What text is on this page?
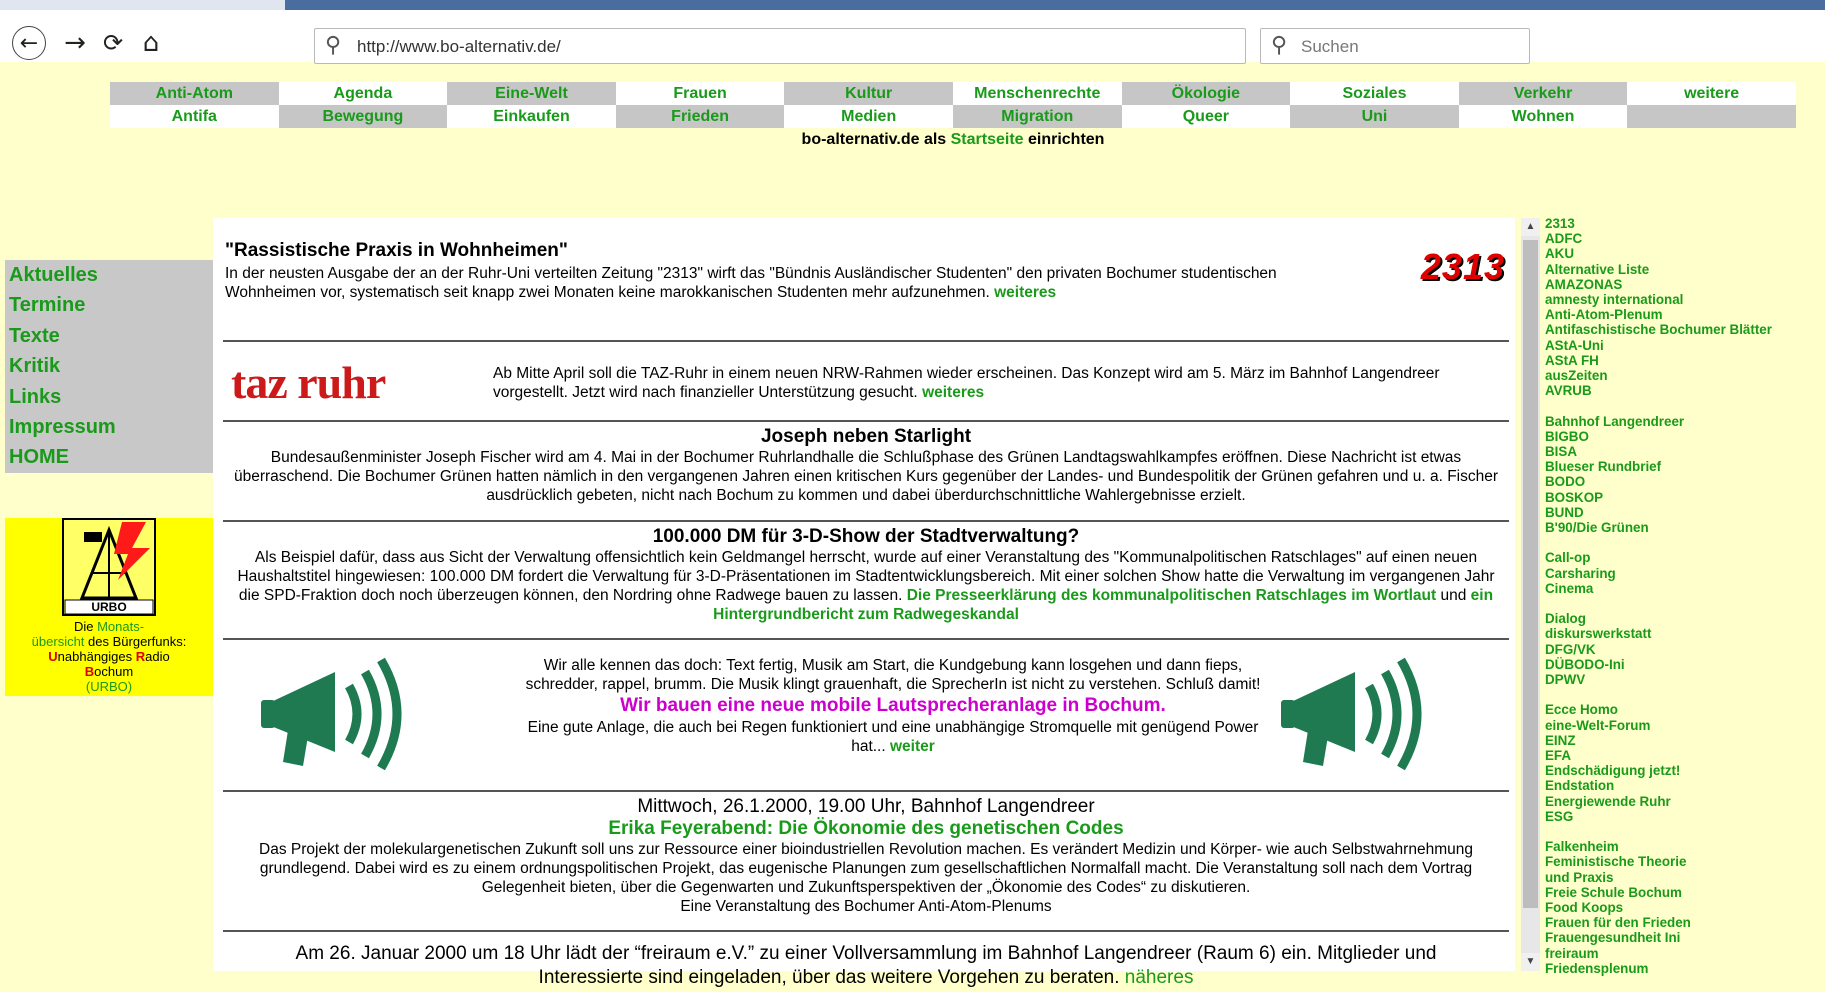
← → ⟳ ⌂	⚲ http://www.bo-alternativ.de/	⚲ Suchen
Anti-Atom	Agenda	Eine-Welt	Frauen	Kultur	Menschenrechte	Ökologie	Soziales	Verkehr	weitere
Antifa	Bewegung	Einkaufen	Frieden	Medien	Migration	Queer	Uni	Wohnen
bo-alternativ.de als Startseite einrichten
Aktuelles
Termine
Texte
Kritik
Links
Impressum
HOME
URBO
Die Monats-
übersicht des Bürgerfunks:
Unabhängiges Radio
Bochum
(URBO)
"Rassistische Praxis in Wohnheimen"

In der neusten Ausgabe der an der Ruhr-Uni verteilten Zeitung "2313" wirft das "Bündnis Ausländischer Studenten" den privaten Bochumer studentischen Wohnheimen vor, systematisch seit knapp zwei Monaten keine marokkanischen Studenten mehr aufzunehmen. weiteres

2313
taz ruhr	Ab Mitte April soll die TAZ-Ruhr in einem neuen NRW-Rahmen wieder erscheinen. Das Konzept wird am 5. März im Bahnhof Langendreer vorgestellt. Jetzt wird nach finanzieller Unterstützung gesucht. weiteres

Joseph neben Starlight

Bundesaußenminister Joseph Fischer wird am 4. Mai in der Bochumer Ruhrlandhalle die Schlußphase des Grünen Landtagswahlkampfes eröffnen. Diese Nachricht ist etwas überraschend. Die Bochumer Grünen hatten nämlich in den vergangenen Jahren einen kritischen Kurs gegenüber der Landes- und Bundespolitik der Grünen gefahren und u. a. Fischer ausdrücklich gebeten, nicht nach Bochum zu kommen und dabei überdurchschnittliche Wahlergebnisse erzielt.

100.000 DM für 3-D-Show der Stadtverwaltung?

Als Beispiel dafür, dass aus Sicht der Verwaltung offensichtlich kein Geldmangel herrscht, wurde auf einer Veranstaltung des "Kommunalpolitischen Ratschlages" auf einen neuen Haushaltstitel hingewiesen: 100.000 DM fordert die Verwaltung für 3-D-Präsentationen im Stadtentwicklungsbereich. Mit einer solchen Show hatte die Verwaltung im vergangenen Jahr die SPD-Fraktion doch noch überzeugen können, den Nordring ohne Radwege bauen zu lassen. Die Presseerklärung des kommunalpolitischen Ratschlages im Wortlaut und ein Hintergrundbericht zum Radwegeskandal

Wir alle kennen das doch: Text fertig, Musik am Start, die Kundgebung kann losgehen und dann fieps, schredder, rappel, brumm. Die Musik klingt grauenhaft, die SprecherIn ist nicht zu verstehen. Schluß damit!

Wir bauen eine neue mobile Lautsprecheranlage in Bochum.

Eine gute Anlage, die auch bei Regen funktioniert und eine unabhängige Stromquelle mit genügend Power hat... weiter

Mittwoch, 26.1.2000, 19.00 Uhr, Bahnhof Langendreer
Erika Feyerabend: Die Ökonomie des genetischen Codes

Das Projekt der molekulargenetischen Zukunft soll uns zur Ressource einer bioindustriellen Revolution machen. Es verändert Medizin und Körper- wie auch Selbstwahrnehmung grundlegend. Dabei wird es zu einem ordnungspolitischen Projekt, das eugenische Planungen zum gesellschaftlichen Normalfall macht. Die Veranstaltung soll nach dem Vortrag Gelegenheit bieten, über die Gegenwarten und Zukunftsperspektiven der „Ökonomie des Codes“ zu diskutieren.

Eine Veranstaltung des Bochumer Anti-Atom-Plenums

Am 26. Januar 2000 um 18 Uhr lädt der “freiraum e.V.” zu einer Vollversammlung im Bahnhof Langendreer (Raum 6) ein. Mitglieder und Interessierte sind eingeladen, über das weitere Vorgehen zu beraten. näheres

▲
▼
2313
ADFC
AKU
Alternative Liste
AMAZONAS
amnesty international
Anti-Atom-Plenum
Antifaschistische Bochumer Blätter
AStA-Uni
AStA FH
ausZeiten
AVRUB
Bahnhof Langendreer
BIGBO
BISA
Blueser Rundbrief
BODO
BOSKOP
BUND
B'90/Die Grünen
Call-op
Carsharing
Cinema
Dialog
diskurswerkstatt
DFG/VK
DÜBODO-Ini
DPWV
Ecce Homo
eine-Welt-Forum
EINZ
EFA
Endschädigung jetzt!
Endstation
Energiewende Ruhr
ESG
Falkenheim
Feministische Theorie
und Praxis
Freie Schule Bochum
Food Koops
Frauen für den Frieden
Frauengesundheit Ini
freiraum
Friedensplenum
